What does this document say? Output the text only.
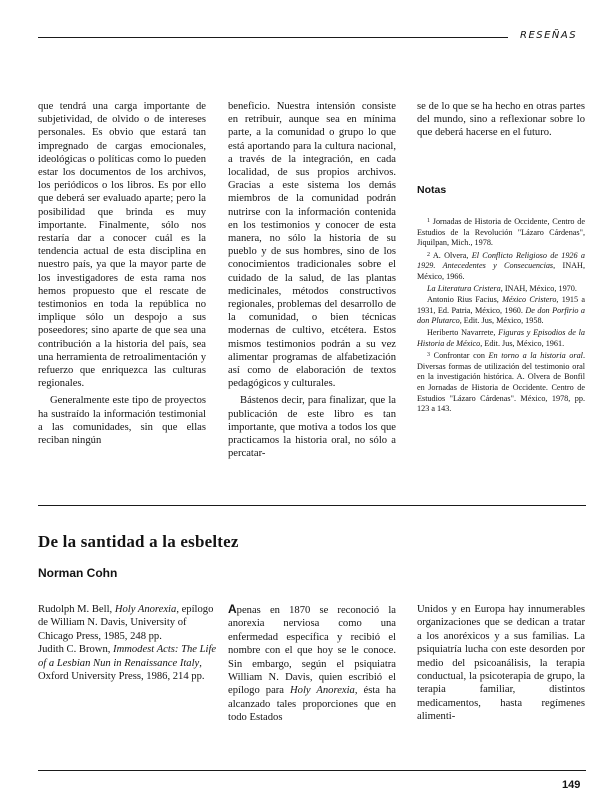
RESEÑAS

que tendrá una carga importante de subjetividad, de olvido o de intereses personales. Es obvio que estará tan impregnado de cargas emocionales, ideológicas o políticas como lo pueden estar los documentos de los archivos, los periódicos o los libros. Es por ello que deberá ser evaluado aparte; pero la posibilidad que brinda es muy importante. Finalmente, sólo nos restaría dar a conocer cuál es la tendencia actual de esta disciplina en nuestro país, ya que la mayor parte de los investigadores de esta rama nos hemos propuesto que el rescate de testimonios en toda la república no implique sólo un despojo a sus poseedores; sino aparte de que sea una contribución a la historia del país, sea una herramienta de retroalimentación y refuerzo que enriquezca las culturas regionales.

Generalmente este tipo de proyectos ha sustraído la información testimonial a las comunidades, sin que ellas reciban ningún

beneficio. Nuestra intensión consiste en retribuir, aunque sea en mínima parte, a la comunidad o grupo lo que está aportando para la cultura nacional, a través de la integración, en cada localidad, de sus propios archivos. Gracias a este sistema los demás miembros de la comunidad podrán nutrirse con la información contenida en los testimonios y conocer de esta manera, no sólo la historia de su pueblo y de sus hombres, sino de los conocimientos tradicionales sobre el cuidado de la salud, de las plantas medicinales, métodos constructivos regionales, problemas del desarrollo de la comunidad, o bien técnicas modernas de cultivo, etcétera. Estos mismos testimonios podrán a su vez alimentar programas de alfabetización así como de elaboración de textos pedagógicos y culturales.

Bástenos decir, para finalizar, que la publicación de este libro es tan importante, que motiva a todos los que practicamos la historia oral, no sólo a percatar-

se de lo que se ha hecho en otras partes del mundo, sino a reflexionar sobre lo que deberá hacerse en el futuro.

Notas

$^1$ Jornadas de Historia de Occidente, Centro de Estudios de la Revolución "Lázaro Cárdenas", Jiquilpan, Mich., 1978.

$^2$ A. Olvera, El Conflicto Religioso de 1926 a 1929. Antecedentes y Consecuencias, INAH, México, 1966.

La Literatura Cristera, INAH, México, 1970.

Antonio Rius Facius, México Cristero, 1915 a 1931, Ed. Patria, México, 1960. De don Porfirio a don Plutarco, Edit. Jus, México, 1958.

Heriberto Navarrete, Figuras y Episodios de la Historia de México, Edit. Jus, México, 1961.

$^3$ Confrontar con En torno a la historia oral. Diversas formas de utilización del testimonio oral en la investigación histórica. A. Olvera de Bonfil en Jornadas de Historia de Occidente. Centro de Estudios "Lázaro Cárdenas". México, 1978, pp. 123 a 143.

De la santidad a la esbeltez
Norman Cohn

Rudolph M. Bell, Holy Anorexia, epílogo de William N. Davis, University of Chicago Press, 1985, 248 pp.

Judith C. Brown, Immodest Acts: The Life of a Lesbian Nun in Renaissance Italy, Oxford University Press, 1986, 214 pp.

Apenas en 1870 se reconoció la anorexia nerviosa como una enfermedad específica y recibió el nombre con el que hoy se le conoce. Sin embargo, según el psiquiatra William N. Davis, quien escribió el epílogo para Holy Anorexia, ésta ha alcanzado tales proporciones que en todo Estados
Unidos y en Europa hay innumerables organizaciones que se dedican a tratar a los anoréxicos y a sus familias. La psiquiatría lucha con este desorden por medio del psicoanálisis, la terapia conductual, la psicoterapia de grupo, la terapia familiar, distintos medicamentos, hasta regímenes alimenti-
149
